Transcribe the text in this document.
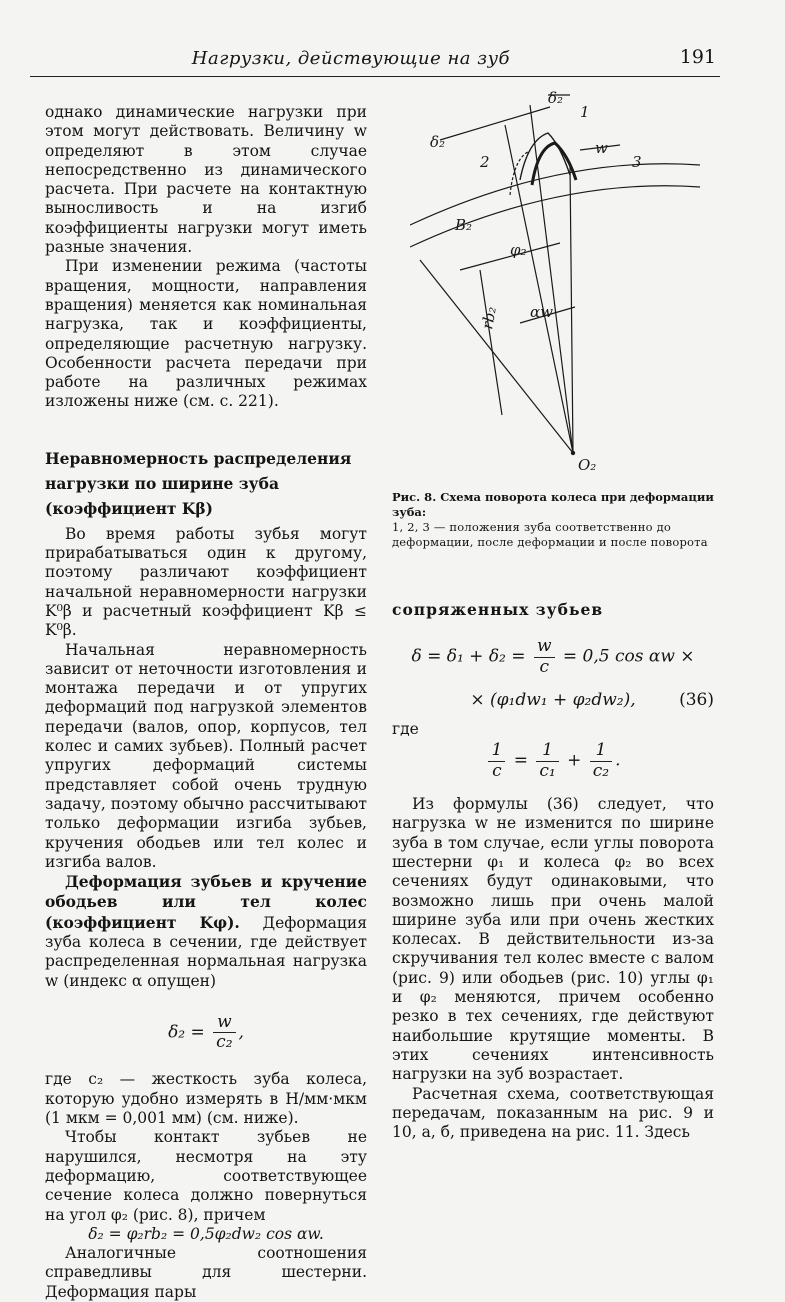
Нагрузки, действующие на зуб	191

однако динамические нагрузки при этом могут действовать. Величину w определяют в этом случае непосредственно из динамического расчета. При расчете на контактную выносливость и на изгиб коэффициенты нагрузки могут иметь разные значения.

При изменении режима (частоты вращения, мощности, направления вращения) меняется как номинальная нагрузка, так и коэффициенты, определяющие расчетную нагрузку. Особенности расчета передачи при работе на различных режимах изложены ниже (см. с. 221).

Неравномерность распределения
нагрузки по ширине зуба
(коэффициент Kβ)

Во время работы зубья могут прирабатываться один к другому, поэтому различают коэффициент начальной неравномерности нагрузки K⁰β и расчетный коэффициент Kβ ≤ K⁰β.

Начальная неравномерность зависит от неточности изготовления и монтажа передачи и от упругих деформаций под нагрузкой элементов передачи (валов, опор, корпусов, тел колес и самих зубьев). Полный расчет упругих деформаций системы представляет собой очень трудную задачу, поэтому обычно рассчитывают только деформации изгиба зубьев, кручения ободьев или тел колес и изгиба валов.

Деформация зубьев и кручение ободьев или тел колес (коэффициент Kφ). Деформация зуба колеса в сечении, где действует распределенная нормальная нагрузка w (индекс α опущен)

$\delta_2 = \frac{w}{\text{c₂}}$ ,

где c₂ — жесткость зуба колеса, которую удобно измерять в Н/мм·мкм (1 мкм = 0,001 мм) (см. ниже).

Чтобы контакт зубьев не нарушился, несмотря на эту деформацию, соответствующее сечение колеса должно повернуться на угол φ₂ (рис. 8), причем

δ₂ = φ₂rb₂ = 0,5φ₂dw₂ cos αw.

Аналогичные соотношения справедливы для шестерни. Деформация пары

δ₂
δ₂
1
2	3
w
B₂
φ₂
rb₂ αw
O₂
Рис. 8. Схема поворота колеса при деформации зуба:
1, 2, 3 — положения зуба соответственно до деформации, после деформации и после поворота

сопряженных зубьев

$\delta = \delta_1 + \delta_2 = \frac{w}{c} = 0,5$ cos αw ×
× (φ₁dw₁ + φ₂dw₂),	(36)

где

$\frac{1}{c} = \frac{1}{\text{c₁}} + \frac{1}{\text{c₂}}$ .

Из формулы (36) следует, что нагрузка w не изменится по ширине зуба в том случае, если углы поворота шестерни φ₁ и колеса φ₂ во всех сечениях будут одинаковыми, что возможно лишь при очень малой ширине зуба или при очень жестких колесах. В действительности из-за скручивания тел колес вместе с валом (рис. 9) или ободьев (рис. 10) углы φ₁ и φ₂ меняются, причем особенно резко в тех сечениях, где действуют наибольшие крутящие моменты. В этих сечениях интенсивность нагрузки на зуб возрастает.

Расчетная схема, соответствующая передачам, показанным на рис. 9 и 10, а, б, приведена на рис. 11. Здесь
